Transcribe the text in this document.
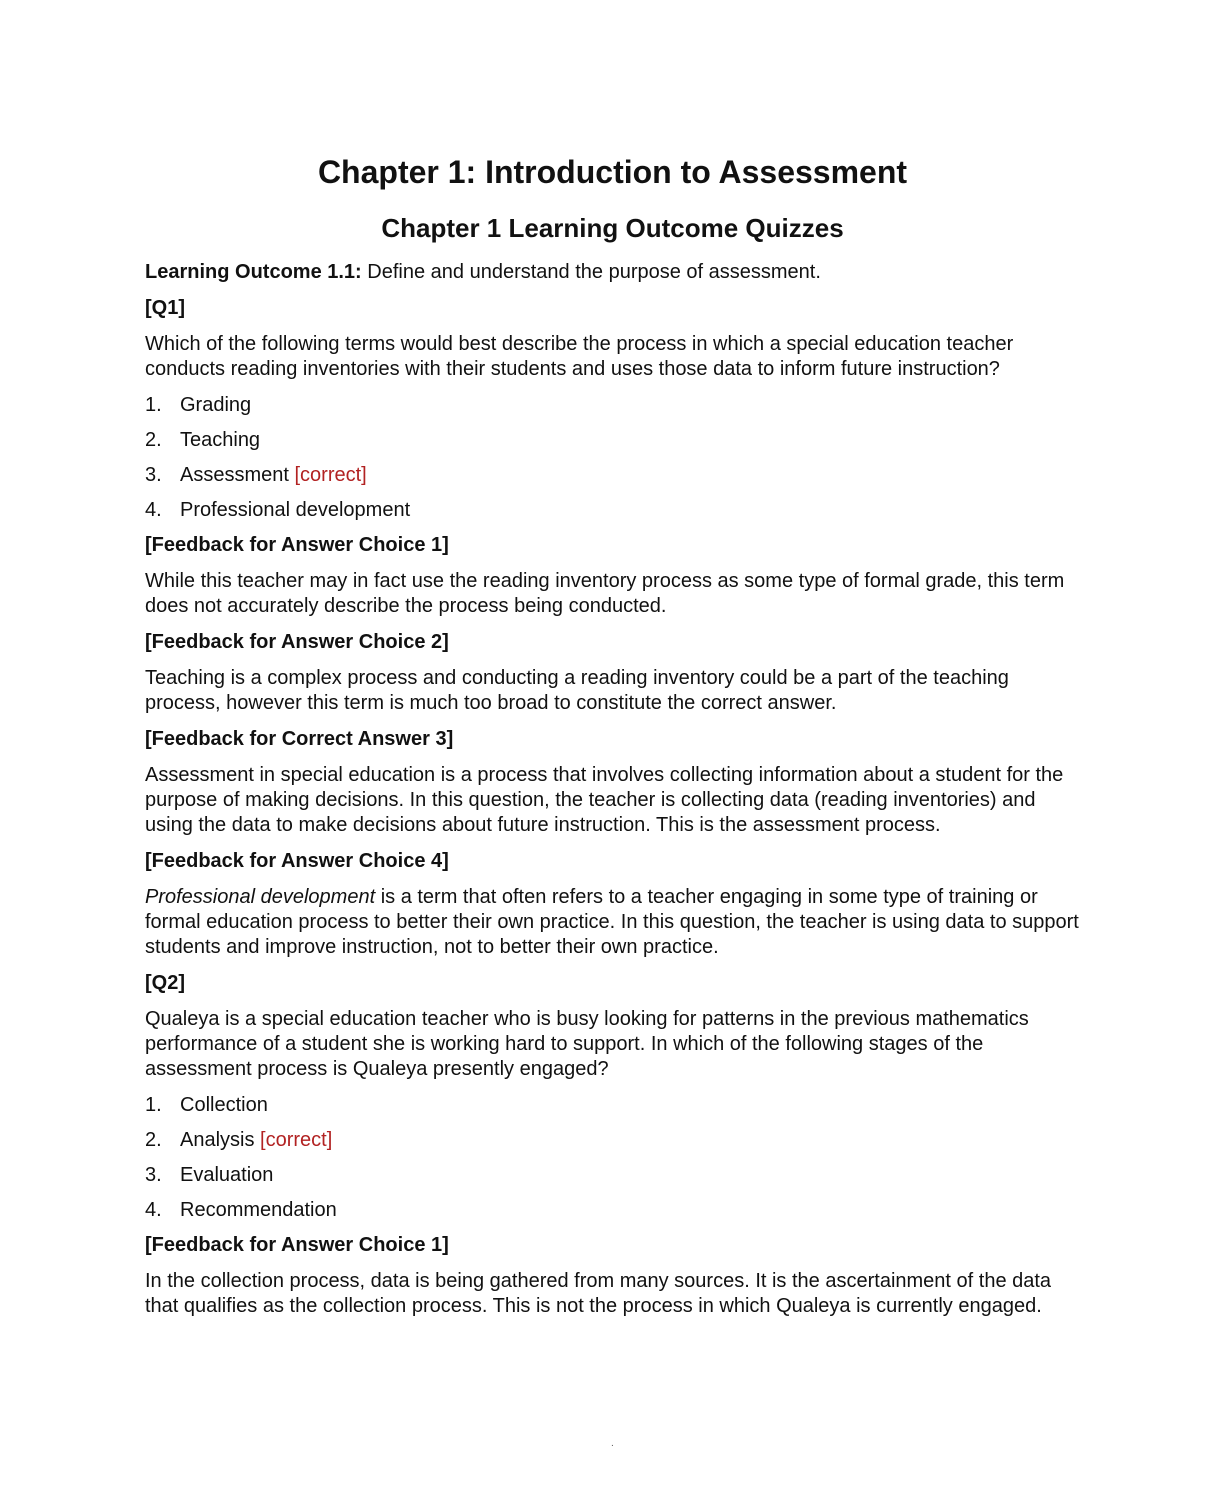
Chapter 1: Introduction to Assessment
Chapter 1 Learning Outcome Quizzes

Learning Outcome 1.1: Define and understand the purpose of assessment.

[Q1]

Which of the following terms would best describe the process in which a special education teacher conducts reading inventories with their students and uses those data to inform future instruction?

1. Grading
2. Teaching
3. Assessment [correct]
4. Professional development

[Feedback for Answer Choice 1]

While this teacher may in fact use the reading inventory process as some type of formal grade, this term does not accurately describe the process being conducted.

[Feedback for Answer Choice 2]

Teaching is a complex process and conducting a reading inventory could be a part of the teaching process, however this term is much too broad to constitute the correct answer.

[Feedback for Correct Answer 3]

Assessment in special education is a process that involves collecting information about a student for the purpose of making decisions. In this question, the teacher is collecting data (reading inventories) and using the data to make decisions about future instruction. This is the assessment process.

[Feedback for Answer Choice 4]

Professional development is a term that often refers to a teacher engaging in some type of training or formal education process to better their own practice. In this question, the teacher is using data to support students and improve instruction, not to better their own practice.

[Q2]

Qualeya is a special education teacher who is busy looking for patterns in the previous mathematics performance of a student she is working hard to support. In which of the following stages of the assessment process is Qualeya presently engaged?

1. Collection
2. Analysis [correct]
3. Evaluation
4. Recommendation

[Feedback for Answer Choice 1]

In the collection process, data is being gathered from many sources. It is the ascertainment of the data that qualifies as the collection process. This is not the process in which Qualeya is currently engaged.

.
